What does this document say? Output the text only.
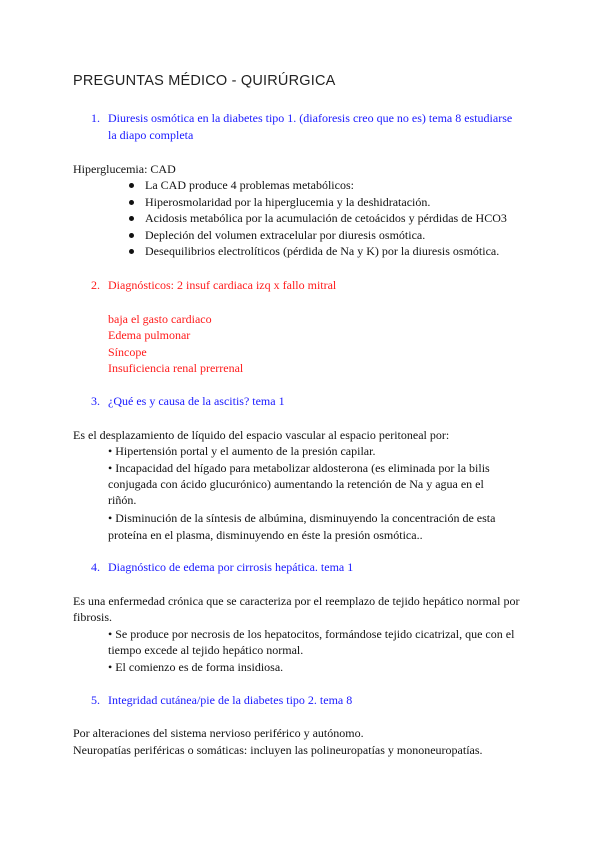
PREGUNTAS MÉDICO - QUIRÚRGICA
1. Diuresis osmótica en la diabetes tipo 1. (diaforesis creo que no es) tema 8 estudiarse
la diapo completa
Hiperglucemia: CAD
La CAD produce 4 problemas metabólicos:
Hiperosmolaridad por la hiperglucemia y la deshidratación.
Acidosis metabólica por la acumulación de cetoácidos y pérdidas de HCO3
Depleción del volumen extracelular por diuresis osmótica.
Desequilibrios electrolíticos (pérdida de Na y K) por la diuresis osmótica.
2. Diagnósticos: 2 insuf cardiaca izq x fallo mitral
baja el gasto cardiaco
Edema pulmonar
Síncope
Insuficiencia renal prerrenal
3. ¿Qué es y causa de la ascitis? tema 1
Es el desplazamiento de líquido del espacio vascular al espacio peritoneal por:
• Hipertensión portal y el aumento de la presión capilar.
• Incapacidad del hígado para metabolizar aldosterona (es eliminada por la bilis
conjugada con ácido glucurónico) aumentando la retención de Na y agua en el
riñón.
• Disminución de la síntesis de albúmina, disminuyendo la concentración de esta
proteína en el plasma, disminuyendo en éste la presión osmótica..
4. Diagnóstico de edema por cirrosis hepática. tema 1
Es una enfermedad crónica que se caracteriza por el reemplazo de tejido hepático normal por
fibrosis.
• Se produce por necrosis de los hepatocitos, formándose tejido cicatrizal, que con el
tiempo excede al tejido hepático normal.
• El comienzo es de forma insidiosa.
5. Integridad cutánea/pie de la diabetes tipo 2. tema 8
Por alteraciones del sistema nervioso periférico y autónomo.
Neuropatías periféricas o somáticas: incluyen las polineuropatías y mononeuropatías.
